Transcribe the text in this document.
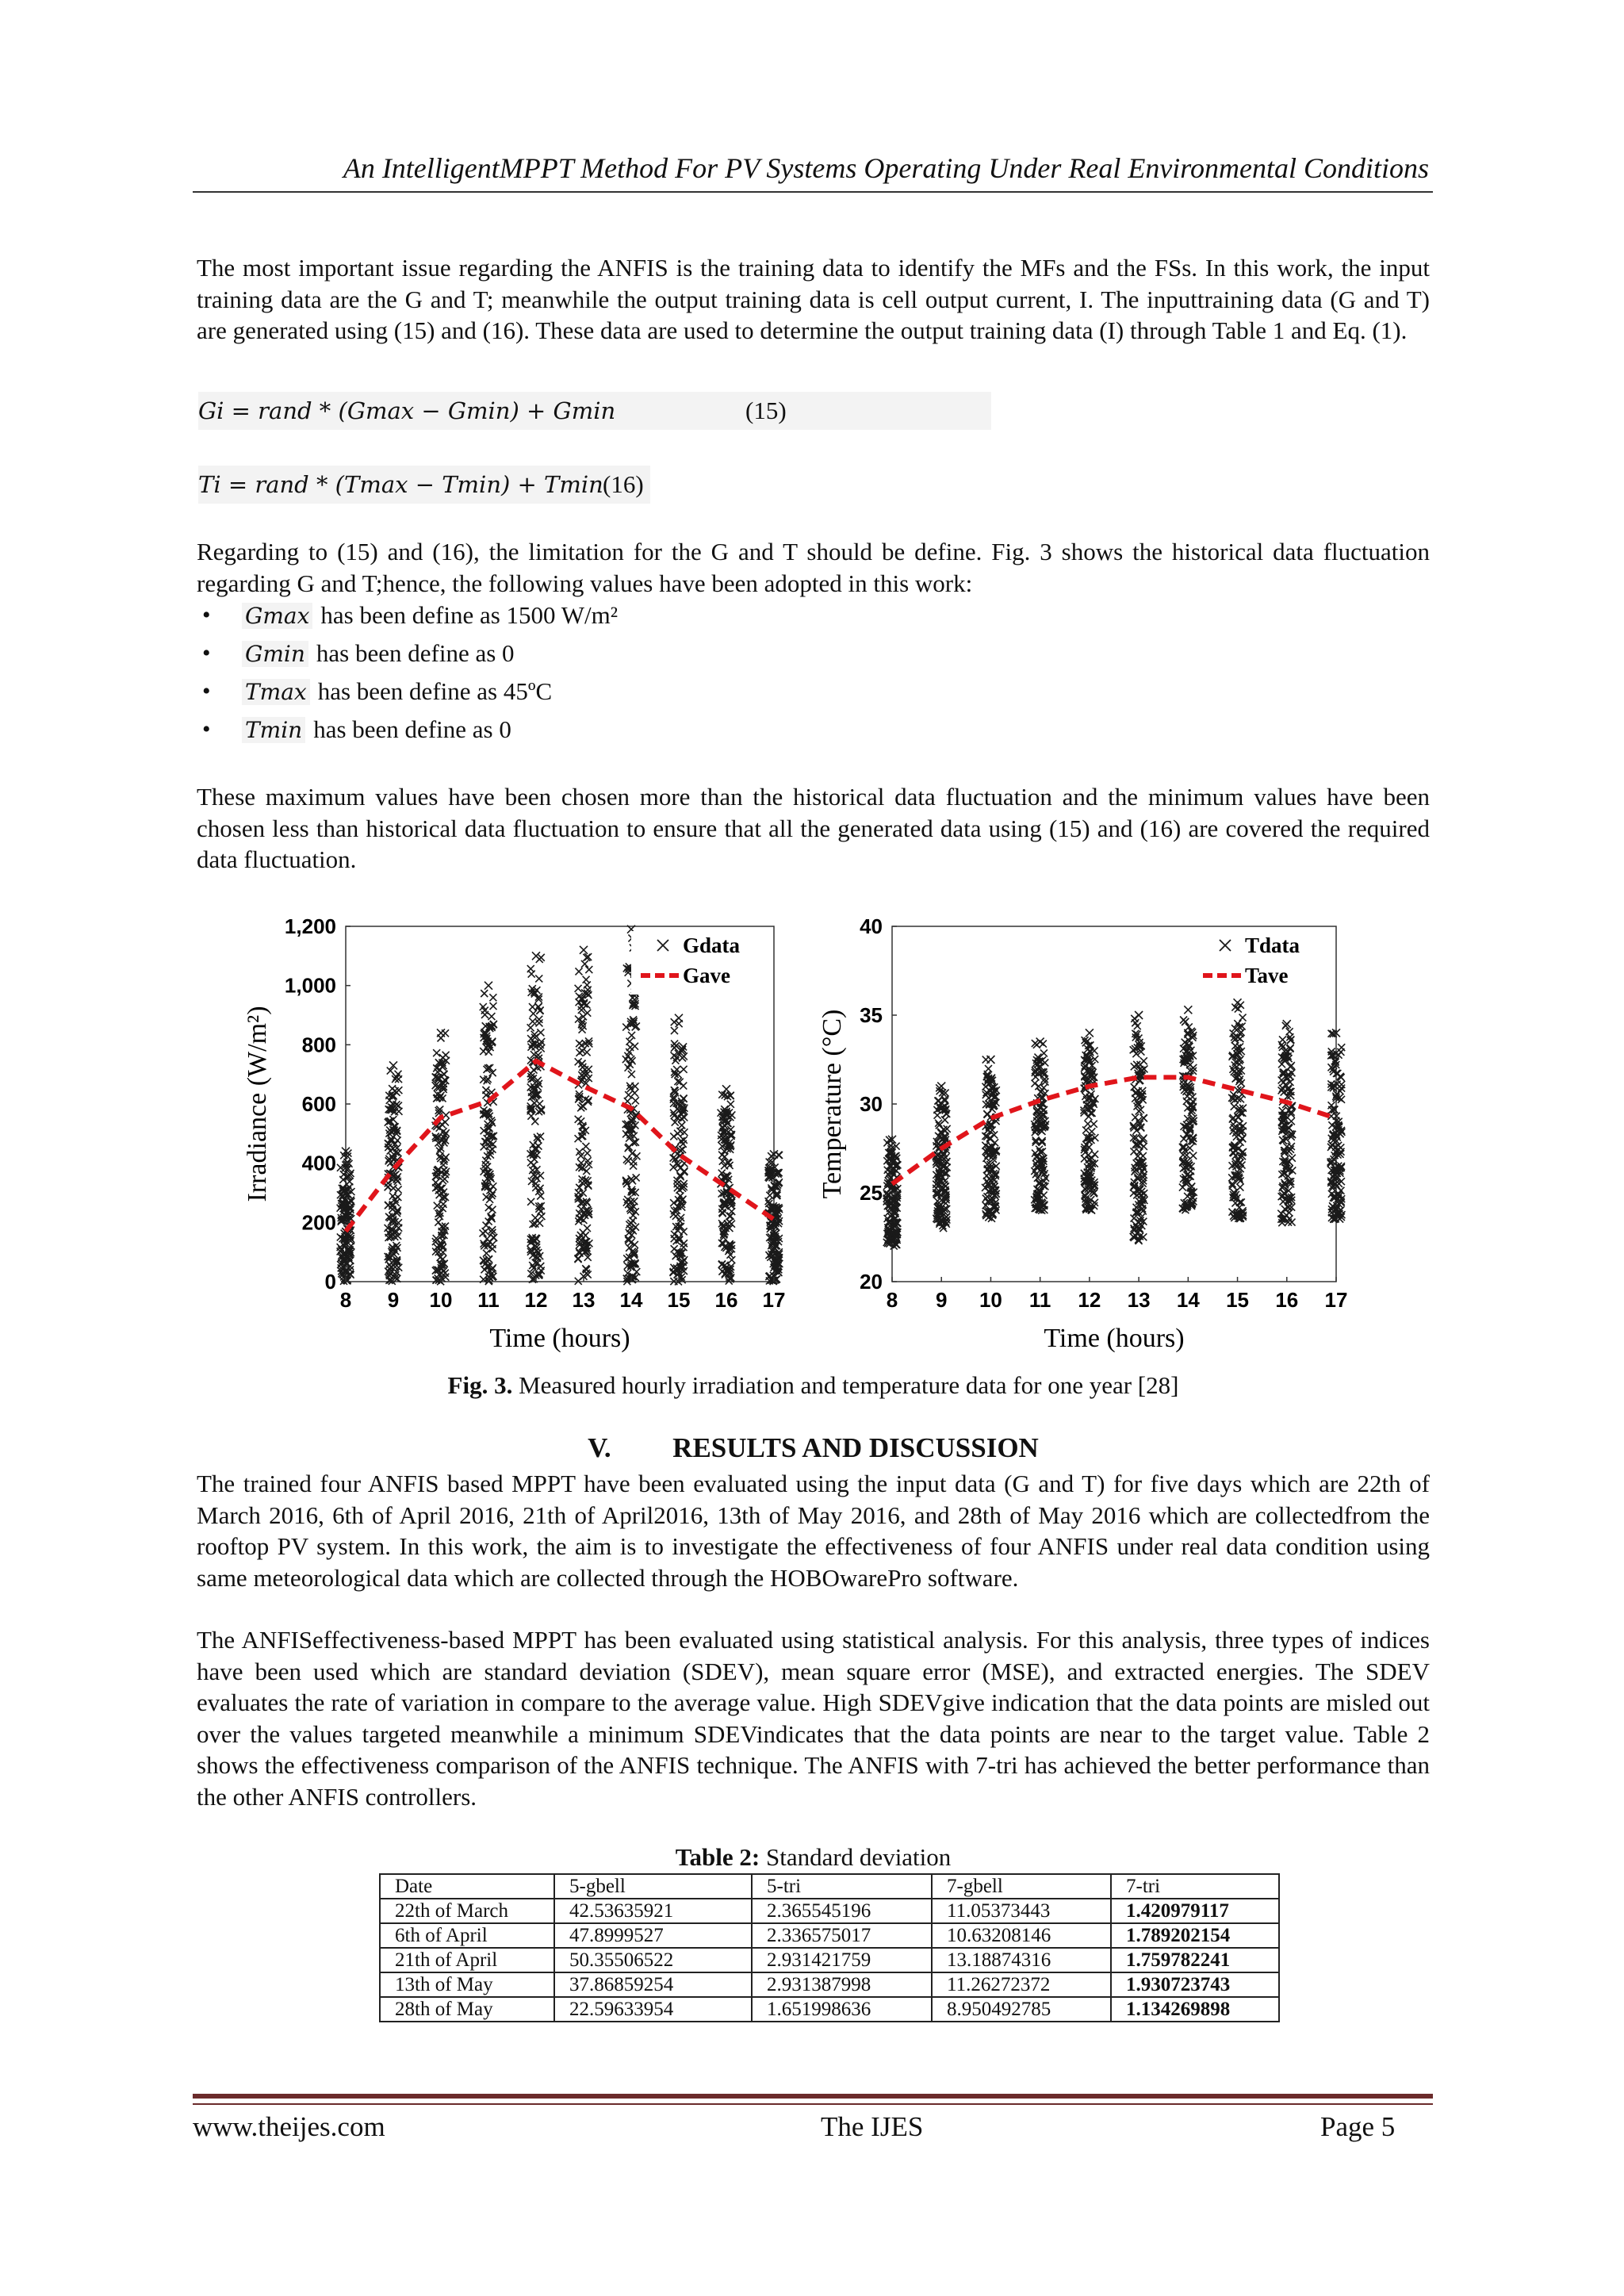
An IntelligentMPPT Method For PV Systems Operating Under Real Environmental Conditions

The most important issue regarding the ANFIS is the training data to identify the MFs and the FSs. In this work, the input training data are the G and T; meanwhile the output training data is cell output current, I. The inputtraining data (G and T) are generated using (15) and (16). These data are used to determine the output training data (I) through Table 1 and Eq. (1).

Gi = rand * (Gmax − Gmin) + Gmin	(15)
Ti = rand * (Tmax − Tmin) + Tmin (16)

Regarding to (15) and (16), the limitation for the G and T should be define. Fig. 3 shows the historical data fluctuation regarding G and T;hence, the following values have been adopted in this work:

• Gmax has been define as 1500 W/m²
• Gmin has been define as 0
• Tmax has been define as 45ºC
• Tmin has been define as 0

These maximum values have been chosen more than the historical data fluctuation and the minimum values have been chosen less than historical data fluctuation to ensure that all the generated data using (15) and (16) are covered the required data fluctuation.

8 9 10 11 12 13 14 15 16 17
0
200
400
600
800
1,000
1,200
Time (hours)
Irradiance (W/m²)
Gdata
Gave
8 9 10 11 12 13 14 15 16 17
20
25
30
35
40
Time (hours)
Temperature (°C)
Tdata
Tave
Fig. 3. Measured hourly irradiation and temperature data for one year [28]
V. RESULTS AND DISCUSSION

The trained four ANFIS based MPPT have been evaluated using the input data (G and T) for five days which are 22th of March 2016, 6th of April 2016, 21th of April2016, 13th of May 2016, and 28th of May 2016 which are collectedfrom the rooftop PV system. In this work, the aim is to investigate the effectiveness of four ANFIS under real data condition using same meteorological data which are collected through the HOBOwarePro software.

The ANFISeffectiveness-based MPPT has been evaluated using statistical analysis. For this analysis, three types of indices have been used which are standard deviation (SDEV), mean square error (MSE), and extracted energies. The SDEV evaluates the rate of variation in compare to the average value. High SDEVgive indication that the data points are misled out over the values targeted meanwhile a minimum SDEVindicates that the data points are near to the target value. Table 2 shows the effectiveness comparison of the ANFIS technique. The ANFIS with 7-tri has achieved the better performance than the other ANFIS controllers.

Table 2: Standard deviation
Date	5-gbell	5-tri	7-gbell	7-tri
22th of March	42.53635921	2.365545196	11.05373443	1.420979117
6th of April	47.8999527	2.336575017	10.63208146	1.789202154
21th of April	50.35506522	2.931421759	13.18874316	1.759782241
13th of May	37.86859254	2.931387998	11.26272372	1.930723743
28th of May	22.59633954	1.651998636	8.950492785	1.134269898
www.theijes.com	The IJES	Page 5
